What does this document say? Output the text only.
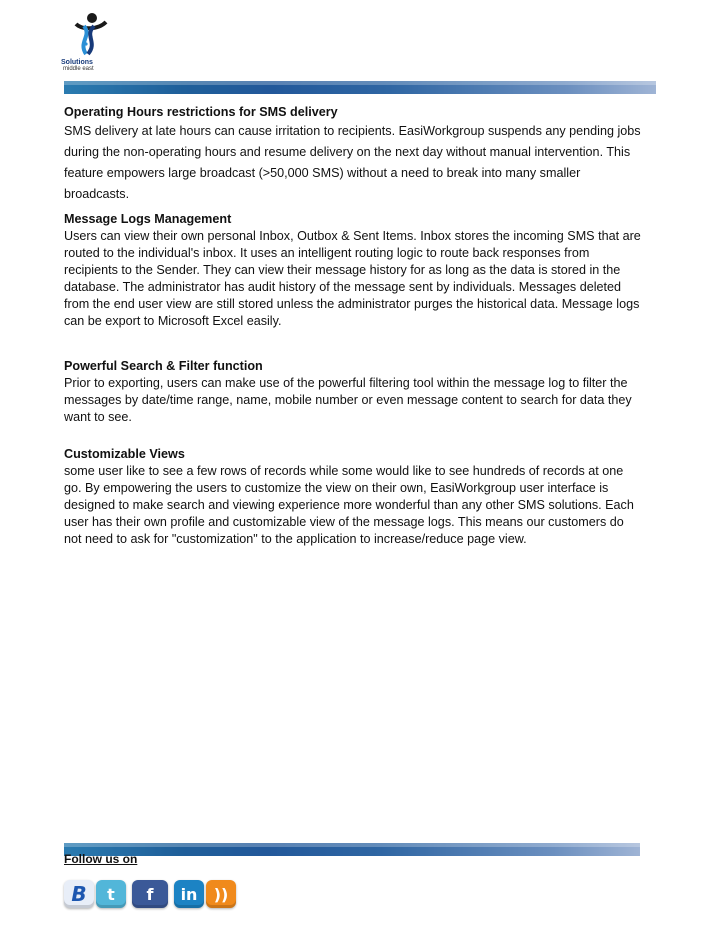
Solutions
middle east
Operating Hours restrictions for SMS delivery

SMS delivery at late hours can cause irritation to recipients. EasiWorkgroup suspends any pending jobs during the non-operating hours and resume delivery on the next day without manual intervention. This feature empowers large broadcast (>50,000 SMS) without a need to break into many smaller broadcasts.

Message Logs Management

Users can view their own personal Inbox, Outbox & Sent Items. Inbox stores the incoming SMS that are routed to the individual's inbox. It uses an intelligent routing logic to route back responses from recipients to the Sender. They can view their message history for as long as the data is stored in the database. The administrator has audit history of the message sent by individuals. Messages deleted from the end user view are still stored unless the administrator purges the historical data. Message logs can be export to Microsoft Excel easily.

Powerful Search & Filter function

Prior to exporting, users can make use of the powerful filtering tool within the message log to filter the messages by date/time range, name, mobile number or even message content to search for data they want to see.

Customizable Views

some user like to see a few rows of records while some would like to see hundreds of records at one go. By empowering the users to customize the view on their own, EasiWorkgroup user interface is designed to make search and viewing experience more wonderful than any other SMS solutions. Each user has their own profile and customizable view of the message logs. This means our customers do not need to ask for "customization" to the application to increase/reduce page view.

Follow us on
B	t	f	in	))
